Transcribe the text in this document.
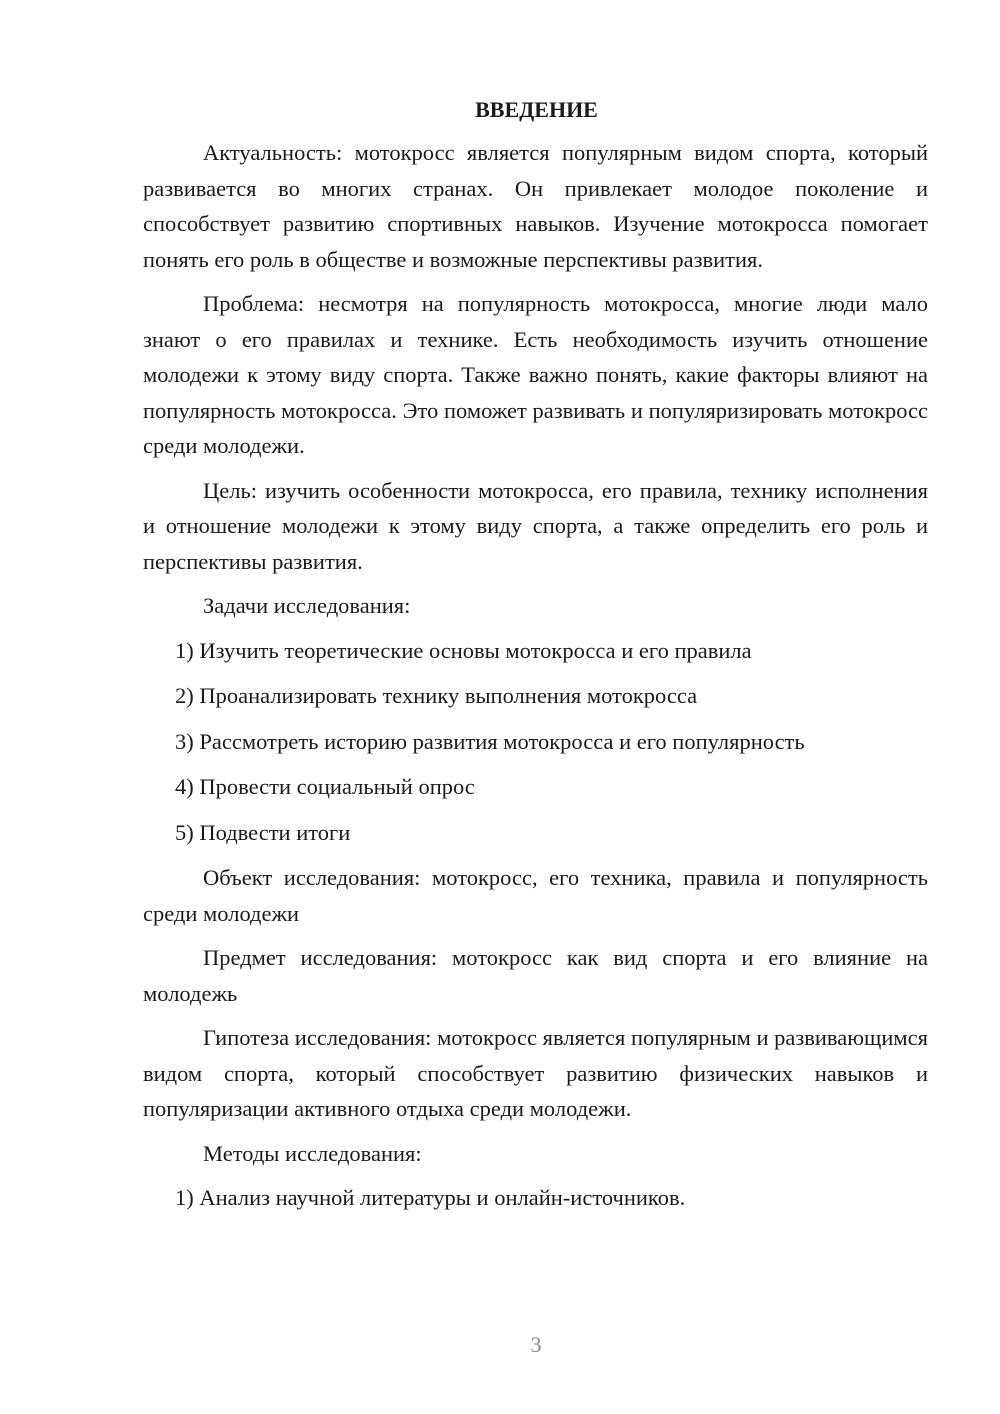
ВВЕДЕНИЕ

Актуальность: мотокросс является популярным видом спорта, который развивается во многих странах. Он привлекает молодое поколение и способствует развитию спортивных навыков. Изучение мотокросса помогает понять его роль в обществе и возможные перспективы развития.

Проблема: несмотря на популярность мотокросса, многие люди мало знают о его правилах и технике. Есть необходимость изучить отношение молодежи к этому виду спорта. Также важно понять, какие факторы влияют на популярность мотокросса. Это поможет развивать и популяризировать мотокросс среди молодежи.

Цель: изучить особенности мотокросса, его правила, технику исполнения и отношение молодежи к этому виду спорта, а также определить его роль и перспективы развития.

Задачи исследования:

1) Изучить теоретические основы мотокросса и его правила
2) Проанализировать технику выполнения мотокросса
3) Рассмотреть историю развития мотокросса и его популярность
4) Провести социальный опрос
5) Подвести итоги

Объект исследования: мотокросс, его техника, правила и популярность среди молодежи

Предмет исследования: мотокросс как вид спорта и его влияние на молодежь

Гипотеза исследования: мотокросс является популярным и развивающимся видом спорта, который способствует развитию физических навыков и популяризации активного отдыха среди молодежи.

Методы исследования:

1) Анализ научной литературы и онлайн-источников.
3
